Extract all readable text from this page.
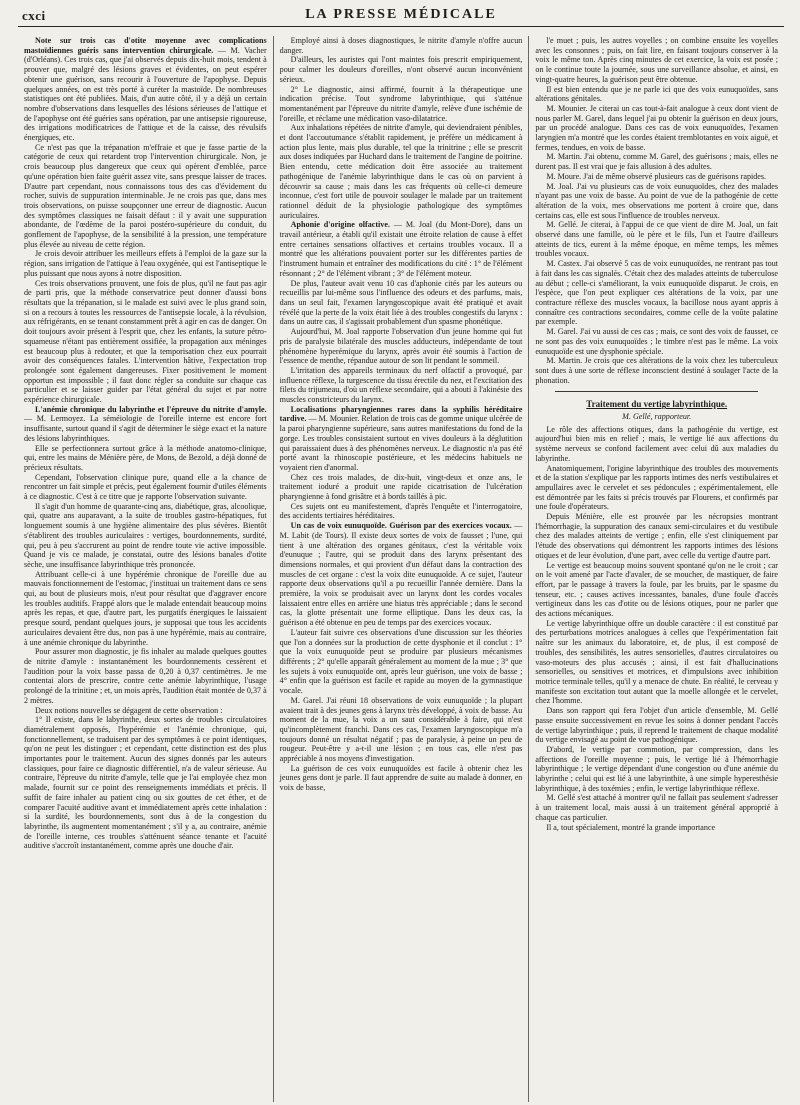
cxci	LA PRESSE MÉDICALE

Note sur trois cas d'otite moyenne avec complications mastoïdiennes guéris sans intervention chirurgicale. — M. Vacher (d'Orléans). Ces trois cas, que j'ai observés depuis dix-huit mois, tendent à prouver que, malgré des lésions graves et évidentes, on peut espérer obtenir une guérison, sans recourir à l'ouverture de l'apophyse. Depuis quelques années, on est très porté à curéter la mastoïde. De nombreuses statistiques ont été publiées. Mais, d'un autre côté, il y a déjà un certain nombre d'observations dans lesquelles des lésions sérieuses de l'attique et de l'apophyse ont été guéries sans opération, par une antisepsie rigoureuse, des irrigations modificatrices de l'attique et de la caisse, des révulsifs énergiques, etc.

Ce n'est pas que la trépanation m'effraie et que je fasse partie de la catégorie de ceux qui retardent trop l'intervention chirurgicale. Non, je crois beaucoup plus dangereux que ceux qui opèrent d'emblée, parce qu'une opération bien faite guérit assez vite, sans presque laisser de traces. D'autre part cependant, nous connaissons tous des cas d'évidement du rocher, suivis de suppuration interminable. Je ne crois pas que, dans mes trois observations, on puisse soupçonner une erreur de diagnostic. Aucun des symptômes classiques ne faisait défaut : il y avait une suppuration abondante, de l'œdème de la paroi postéro-supérieure du conduit, du gonflement de l'apophyse, de la sensibilité à la pression, une température plus élevée au niveau de cette région.

Je crois devoir attribuer les meilleurs effets à l'emploi de la gaze sur la région, sans irrigation de l'attique à l'eau oxygénée, qui est l'antiseptique le plus puissant que nous ayons à notre disposition.

Ces trois observations prouvent, une fois de plus, qu'il ne faut pas agir de parti pris, que la méthode conservatrice peut donner d'aussi bons résultats que la trépanation, si le malade est suivi avec le plus grand soin, si on a recours à toutes les ressources de l'antisepsie locale, à la révulsion, aux réfrigérants, en se tenant constamment prêt à agir en cas de danger. On doit toujours avoir présent à l'esprit que, chez les enfants, la suture pétro-squameuse n'étant pas entièrement ossifiée, la propagation aux méninges est beaucoup plus à redouter, et que la temporisation chez eux pourrait avoir des conséquences fatales. L'intervention hâtive, l'expectation trop prolongée sont également dangereuses. Fixer positivement le moment opportun est impossible ; il faut donc régler sa conduite sur chaque cas particulier et se laisser guider par l'état général du sujet et par notre expérience chirurgicale.

L'anémie chronique du labyrinthe et l'épreuve du nitrite d'amyle. — M. Lermoyez. La séméiologie de l'oreille interne est encore fort insuffisante, surtout quand il s'agit de déterminer le siège exact et la nature des lésions labyrinthiques.

Elle se perfectionnera surtout grâce à la méthode anatomo-clinique, qui, entre les mains de Ménière père, de Mons, de Bezold, a déjà donné de précieux résultats.

Cependant, l'observation clinique pure, quand elle a la chance de rencontrer un fait simple et précis, peut également fournir d'utiles éléments à ce diagnostic. C'est à ce titre que je rapporte l'observation suivante.

Il s'agit d'un homme de quarante-cinq ans, diabétique, gras, alcoolique, qui, quatre ans auparavant, a la suite de troubles gastro-hépatiques, fut longuement soumis à une hygiène alimentaire des plus sévères. Bientôt s'établirent des troubles auriculaires : vertiges, bourdonnements, surdité, qui, peu à peu s'accrurent au point de rendre toute vie active impossible. Quand je vis ce malade, je constatai, outre des lésions banales d'otite sèche, une insuffisance labyrinthique très prononcée.

Attribuant celle-ci à une hypérémie chronique de l'oreille due au mauvais fonctionnement de l'estomac, j'instituai un traitement dans ce sens qui, au bout de plusieurs mois, n'eut pour résultat que d'aggraver encore les troubles auditifs. Frappé alors que le malade entendait beaucoup moins après les repas, et que, d'autre part, les purgatifs énergiques le laissaient presque sourd, pendant quelques jours, je supposai que tous les accidents auriculaires devaient être dus, non pas à une hypérémie, mais au contraire, à une anémie chronique du labyrinthe.

Pour assurer mon diagnostic, je fis inhaler au malade quelques gouttes de nitrite d'amyle : instantanément les bourdonnements cessèrent et l'audition pour la voix basse passa de 0,20 à 0,37 centimètres. Je me contentai alors de prescrire, contre cette anémie labyrinthique, l'usage prolongé de la trinitine ; et, un mois après, l'audition était montée de 0,37 à 2 mètres.

Deux notions nouvelles se dégagent de cette observation :

1° Il existe, dans le labyrinthe, deux sortes de troubles circulatoires diamétralement opposés, l'hypérémie et l'anémie chronique, qui, fonctionnellement, se traduisent par des symptômes à ce point identiques, qu'on ne peut les distinguer ; et cependant, cette distinction est des plus importantes pour le traitement. Aucun des signes donnés par les auteurs classiques, pour faire ce diagnostic différentiel, n'a de valeur sérieuse. Au contraire, l'épreuve du nitrite d'amyle, telle que je l'ai employée chez mon malade, fournit sur ce point des renseignements immédiats et précis. Il suffit de faire inhaler au patient cinq ou six gouttes de cet éther, et de comparer l'acuité auditive avant et immédiatement après cette inhalation : si la surdité, les bourdonnements, sont dus à de la congestion du labyrinthe, ils augmentent momentanément ; s'il y a, au contraire, anémie de l'oreille interne, ces troubles s'atténuent séance tenante et l'acuité auditive s'accroît instantanément, comme après une douche d'air.

Employé ainsi à doses diagnostiques, le nitrite d'amyle n'offre aucun danger.

D'ailleurs, les auristes qui l'ont maintes fois prescrit empiriquement, pour calmer les douleurs d'oreilles, n'ont observé aucun inconvénient sérieux.

2° Le diagnostic, ainsi affirmé, fournit à la thérapeutique une indication précise. Tout syndrome labyrinthique, qui s'atténue momentanément par l'épreuve du nitrite d'amyle, relève d'une ischémie de l'oreille, et réclame une médication vaso-dilatatrice.

Aux inhalations répétées de nitrite d'amyle, qui deviendraient pénibles, et dont l'accoutumance s'établit rapidement, je préfère un médicament à action plus lente, mais plus durable, tel que la trinitrine ; elle se prescrit aux doses indiquées par Huchard dans le traitement de l'angine de poitrine. Bien entendu, cette médication doit être associée au traitement pathogénique de l'anémie labyrinthique dans le cas où on parvient à découvrir sa cause ; mais dans les cas fréquents où celle-ci demeure inconnue, c'est fort utile de pouvoir soulager le malade par un traitement rationnel déduit de la physiologie pathologique des symptômes auriculaires.

Aphonie d'origine olfactive. — M. Joal (du Mont-Dore), dans un travail antérieur, a établi qu'il existait une étroite relation de cause à effet entre certaines sensations olfactives et certains troubles vocaux. Il a montré que les altérations pouvaient porter sur les différentes parties de l'instrument humain et entraîner des modifications du cité : 1° de l'élément résonnant ; 2° de l'élément vibrant ; 3° de l'élément moteur.

De plus, l'auteur avait venu 10 cas d'aphonie cités par les auteurs ou recueillis par lui-même sous l'influence des odeurs et des parfums, mais, dans un seul fait, l'examen laryngoscopique avait été pratiqué et avait révélé que la perte de la voix était liée à des troubles congestifs du larynx : dans un autre cas, il s'agissait probablement d'un spasme phonétique.

Aujourd'hui, M. Joal rapporte l'observation d'un jeune homme qui fut pris de paralysie bilatérale des muscles adducteurs, indépendante de tout phénomène hyperémique du larynx, après avoir été soumis à l'action de l'essence de menthe, répandue autour de son lit pendant le sommeil.

L'irritation des appareils terminaux du nerf olfactif a provoqué, par influence réflexe, la turgescence du tissu érectile du nez, et l'excitation des filets du trijumeau, d'où un réflexe secondaire, qui a abouti à l'akinésie des muscles constricteurs du larynx.

Localisations pharyngiennes rares dans la syphilis héréditaire tardive. — M. Mounier. Relation de trois cas de gomme unique ulcérée de la paroi pharyngienne supérieure, sans autres manifestations du fond de la gorge. Les troubles consistaient surtout en vives douleurs à la déglutition qui paraissaient dues à des phénomènes nerveux. Le diagnostic n'a pas été porté avant la rhinoscopie postérieure, et les médecins habituels ne voyaient rien d'anormal.

Chez ces trois malades, de dix-huit, vingt-deux et onze ans, le traitement ioduré a produit une rapide cicatrisation de l'ulcération pharyngienne à fond grisâtre et à bords taillés à pic.

Ces sujets ont eu manifestement, d'après l'enquête et l'interrogatoire, des accidents tertiaires héréditaires.

Un cas de voix eunuquoïde. Guérison par des exercices vocaux. — M. Labit (de Tours). Il existe deux sortes de voix de fausset ; l'une, qui tient à une altération des organes génitaux, c'est la véritable voix d'eunuque ; l'autre, qui se produit dans des larynx présentant des dimensions normales, et qui provient d'un défaut dans la contraction des muscles de cet organe : c'est la voix dite eunuquoïde. A ce sujet, l'auteur rapporte deux observations qu'il a pu recueillir l'année dernière. Dans la première, la voix se produisait avec un larynx dont les cordes vocales laissaient entre elles en arrière une hiatus très appréciable ; dans le second cas, la glotte présentait une forme elliptique. Dans les deux cas, la guérison a été obtenue en peu de temps par des exercices vocaux.

L'auteur fait suivre ces observations d'une discussion sur les théories que l'on a données sur la production de cette dysphonie et il conclut : 1° que la voix eunuquoïde peut se produire par plusieurs mécanismes différents ; 2° qu'elle apparaît généralement au moment de la mue ; 3° que les sujets à voix eunuquoïde ont, après leur guérison, une voix de basse ; 4° enfin que la guérison est facile et rapide au moyen de la gymnastique vocale.

M. Garel. J'ai réuni 18 observations de voix eunuquoïde ; la plupart avaient trait à des jeunes gens à larynx très développé, à voix de basse. Au moment de la mue, la voix a un saut considérable à faire, qui n'est qu'incomplètement franchi. Dans ces cas, l'examen laryngoscopique m'a toujours donné un résultat négatif ; pas de paralysie, à peine un peu de rougeur. Peut-être y a-t-il une lésion ; en tous cas, elle n'est pas appréciable à nos moyens d'investigation.

La guérison de ces voix eunuquoïdes est facile à obtenir chez les jeunes gens dont je parle. Il faut apprendre de suite au malade à donner, en voix de basse,

l'e muet ; puis, les autres voyelles ; on combine ensuite les voyelles avec les consonnes ; puis, on fait lire, en faisant toujours conserver à la voix le même ton. Après cinq minutes de cet exercice, la voix est posée ; on le continue toute la journée, sous une surveillance absolue, et ainsi, en vingt-quatre heures, la guérison peut être obtenue.

Il est bien entendu que je ne parle ici que des voix eunuquoïdes, sans altérations génitales.

M. Mounier. Je citerai un cas tout-à-fait analogue à ceux dont vient de nous parler M. Garel, dans lequel j'ai pu obtenir la guérison en deux jours, par un procédé analogue. Dans ces cas de voix eunuquoïdes, l'examen laryngien m'a montré que les cordes étaient tremblotantes en voix aiguë, et fermes, tendues, en voix de basse.

M. Martin. J'ai obtenu, comme M. Garel, des guérisons ; mais, elles ne durent pas. Il est vrai que je fais allusion à des adultes.

M. Moure. J'ai de même observé plusieurs cas de guérisons rapides.

M. Joal. J'ai vu plusieurs cas de voix eunuquoïdes, chez des malades n'ayant pas une voix de basse. Au point de vue de la pathogénie de cette altération de la voix, mes observations me portent à croire que, dans certains cas, elle est sous l'influence de troubles nerveux.

M. Gellé. Je citerai, à l'appui de ce que vient de dire M. Joal, un fait observé dans une famille, où le père et le fils, l'un et l'autre d'ailleurs atteints de tics, eurent à la même époque, en même temps, les mêmes troubles vocaux.

M. Castex. J'ai observé 5 cas de voix eunuquoïdes, ne rentrant pas tout à fait dans les cas signalés. C'était chez des malades atteints de tuberculose au début ; celle-ci s'améliorant, la voix eunuquoïde disparut. Je crois, en l'espèce, que l'on peut expliquer ces altérations de la voix, par une contracture réflexe des muscles vocaux, la bacillose nous ayant appris à connaître ces contractions secondaires, comme celle de la voûte palatine par exemple.

M. Garel. J'ai vu aussi de ces cas ; mais, ce sont des voix de fausset, ce ne sont pas des voix eunuquoïdes ; le timbre n'est pas le même. La voix eunuquoïde est une dysphonie spéciale.

M. Martin. Je crois que ces altérations de la voix chez les tuberculeux sont dues à une sorte de réflexe inconscient destiné à soulager l'acte de la phonation.

Traitement du vertige labyrinthique.
M. Gellé, rapporteur.

Le rôle des affections otiques, dans la pathogénie du vertige, est aujourd'hui bien mis en relief ; mais, le vertige lié aux affections du système nerveux se confond facilement avec celui dû aux maladies du labyrinthe.

Anatomiquement, l'origine labyrinthique des troubles des mouvements et de la station s'explique par les rapports intimes des nerfs vestibulaires et ampullaires avec le cervelet et ses pédoncules ; expérimentalement, elle est démontrée par les faits si précis trouvés par Flourens, et confirmés par une foule d'opérateurs.

Depuis Ménière, elle est prouvée par les nécropsies montrant l'hémorrhagie, la suppuration des canaux semi-circulaires et du vestibule chez des malades atteints de vertige ; enfin, elle s'est cliniquement par l'étude des observations qui démontrent les rapports intimes des lésions otiques et de leur évolution, d'une part, avec celle du vertige d'autre part.

Le vertige est beaucoup moins souvent spontané qu'on ne le croit ; car on le voit amené par l'acte d'avaler, de se moucher, de mastiquer, de faire effort, par le passage à travers la foule, par les bruits, par le spasme du tenseur, etc. ; causes actives incessantes, banales, d'une foule d'accès vertigineux dans les cas d'otite ou de lésions otiques, pour ne parler que des actions mécaniques.

Le vertige labyrinthique offre un double caractère : il est constitué par des perturbations motrices analogues à celles que l'expérimentation fait naître sur les animaux du laboratoire, et, de plus, il est composé de troubles, des sensibilités, les autres sensorielles, d'autres circulatoires ou vaso-moteurs des plus accusés ; ainsi, il est fait d'hallucinations sensorielles, ou sensitives et motrices, et d'impulsions avec inhibition motrice terminale telles, qu'il y a menace de chute. En réalité, le cerveau y manifeste son excitation tout autant que la moelle allongée et le cervelet, chez l'homme.

Dans son rapport qui fera l'objet d'un article d'ensemble, M. Gellé passe ensuite successivement en revue les soins à donner pendant l'accès de vertige labyrinthique ; puis, il reprend le traitement de chaque modalité du vertige envisagé au point de vue pathogénique.

D'abord, le vertige par commotion, par compression, dans les affections de l'oreille moyenne ; puis, le vertige lié à l'hémorrhagie labyrinthique ; le vertige dépendant d'une congestion ou d'une anémie du labyrinthe ; celui qui est lié à une labyrinthite, à une simple hyperesthésie labyrinthique, à des toxémies ; enfin, le vertige labyrinthique réflexe.

M. Gellé s'est attaché à montrer qu'il ne fallait pas seulement s'adresser à un traitement local, mais aussi à un traitement général approprié à chaque cas particulier.

Il a, tout spécialement, montré la grande importance
